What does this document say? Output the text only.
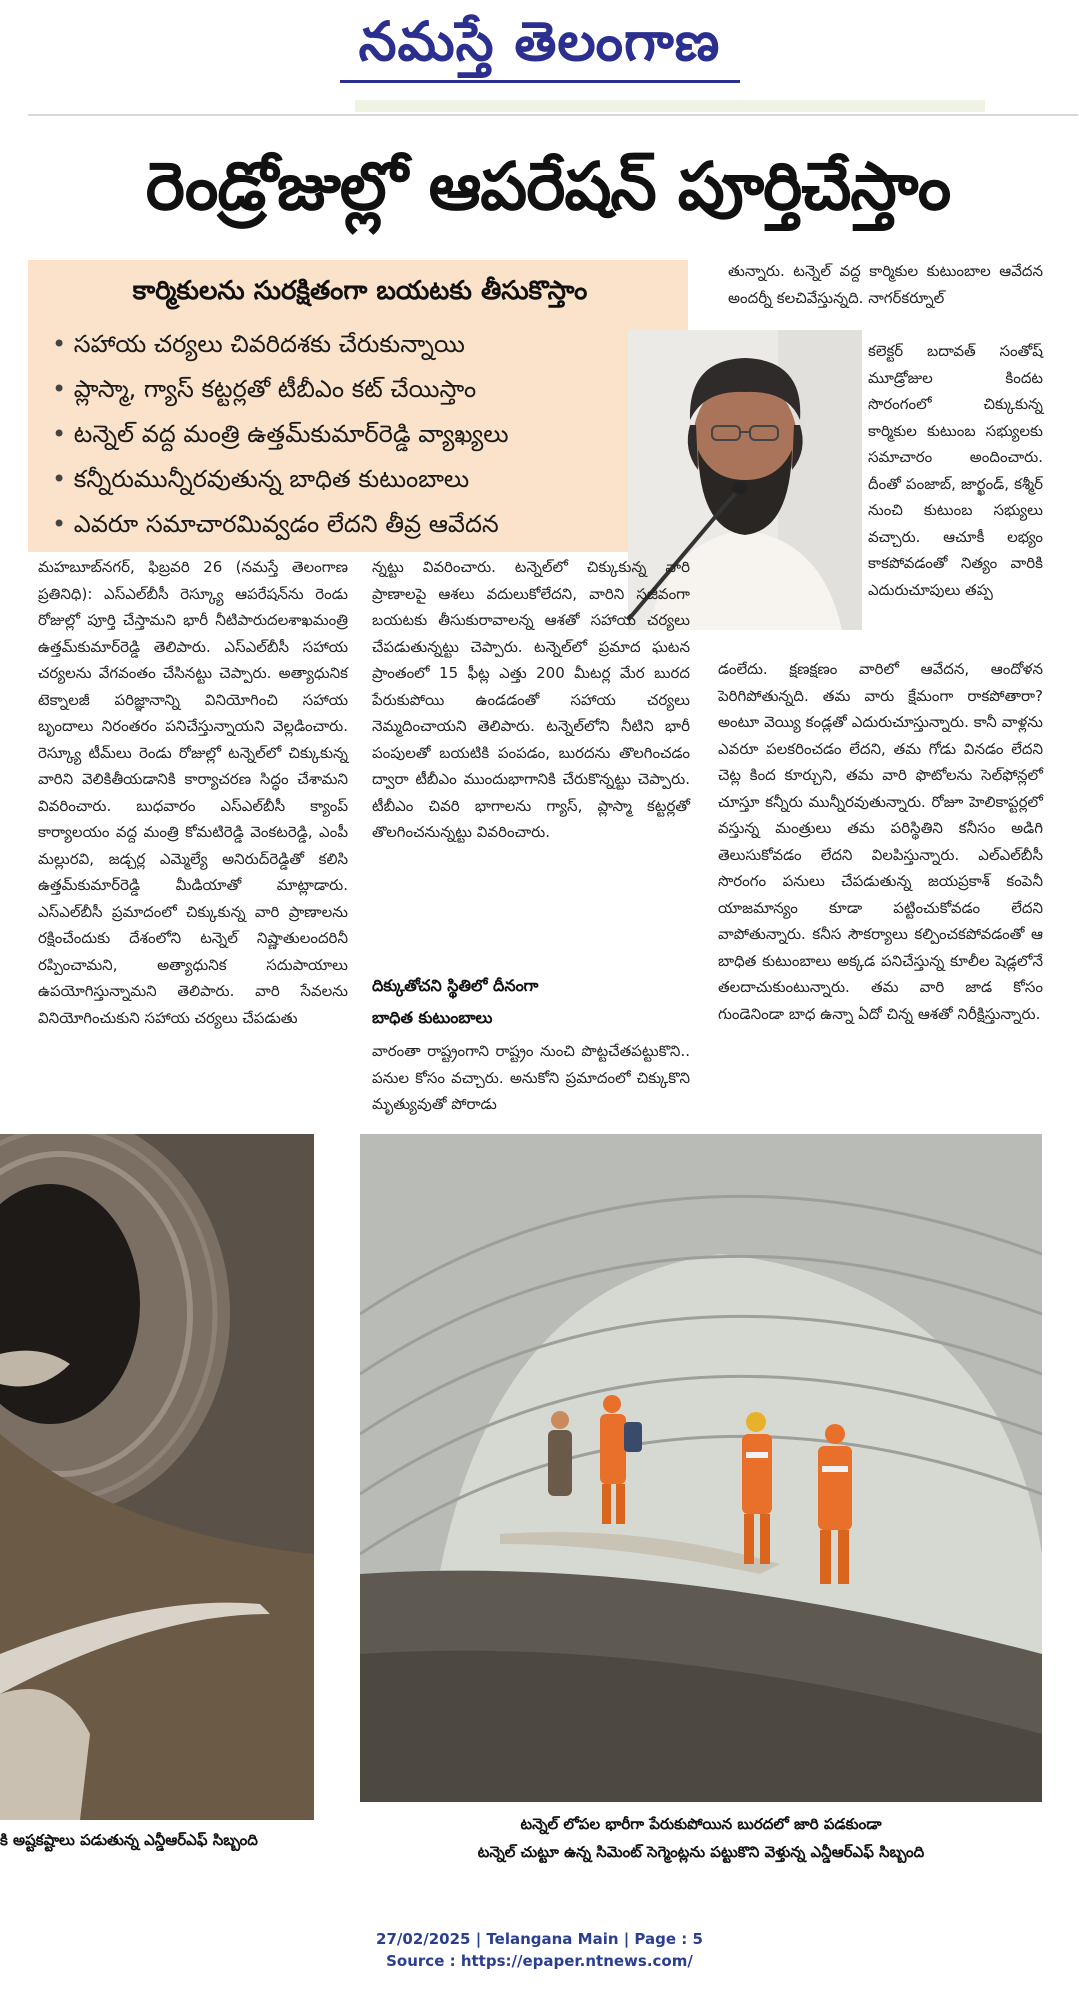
నమస్తే తెలంగాణ
రెండ్రోజుల్లో ఆపరేషన్ పూర్తిచేస్తాం
కార్మికులను సురక్షితంగా బయటకు తీసుకొస్తాం
• సహాయ చర్యలు చివరిదశకు చేరుకున్నాయి
• ప్లాస్మా, గ్యాస్ కట్టర్లతో టీబీఎం కట్ చేయిస్తాం
• టన్నెల్ వద్ద మంత్రి ఉత్తమ్‌కుమార్‌రెడ్డి వ్యాఖ్యలు
• కన్నీరుమున్నీరవుతున్న బాధిత కుటుంబాలు
• ఎవరూ సమాచారమివ్వడం లేదని తీవ్ర ఆవేదన
మహబూబ్‌నగర్, ఫిబ్రవరి 26 (నమస్తే తెలంగాణ ప్రతినిధి): ఎస్‌ఎల్‌బీసీ రెస్క్యూ ఆపరేషన్‌ను రెండు రోజుల్లో పూర్తి చేస్తామని భారీ నీటిపారుదలశాఖమంత్రి ఉత్తమ్‌కుమార్‌రెడ్డి తెలిపారు. ఎస్‌ఎల్‌బీసీ సహాయ చర్యలను వేగవంతం చేసినట్టు చెప్పారు. అత్యాధునిక టెక్నాలజీ పరిజ్ఞానాన్ని వినియోగించి సహాయ బృందాలు నిరంతరం పనిచేస్తున్నాయని వెల్లడించారు. రెస్క్యూ టీమ్‌లు రెండు రోజుల్లో టన్నెల్‌లో చిక్కుకున్న వారిని వెలికితీయడానికి కార్యాచరణ సిద్ధం చేశామని వివరించారు. బుధవారం ఎస్‌ఎల్‌బీసీ క్యాంప్ కార్యాలయం వద్ద మంత్రి కోమటిరెడ్డి వెంకటరెడ్డి, ఎంపీ మల్లురవి, జడ్చర్ల ఎమ్మెల్యే అనిరుద్‌రెడ్డితో కలిసి ఉత్తమ్‌కుమార్‌రెడ్డి మీడియాతో మాట్లాడారు. ఎస్‌ఎల్‌బీసీ ప్రమాదంలో చిక్కుకున్న వారి ప్రాణాలను రక్షించేందుకు దేశంలోని టన్నెల్ నిష్ణాతులందరినీ రప్పించామని, అత్యాధునిక సదుపాయాలు ఉపయోగిస్తున్నామని తెలిపారు. వారి సేవలను వినియోగించుకుని సహాయ చర్యలు చేపడుతు
న్నట్టు వివరించారు. టన్నెల్‌లో చిక్కుకున్న వారి ప్రాణాలపై ఆశలు వదులుకోలేదని, వారిని సజీవంగా బయటకు తీసుకురావాలన్న ఆశతో సహాయ చర్యలు చేపడుతున్నట్టు చెప్పారు. టన్నెల్‌లో ప్రమాద ఘటన ప్రాంతంలో 15 ఫీట్ల ఎత్తు 200 మీటర్ల మేర బురద పేరుకుపోయి ఉండడంతో సహాయ చర్యలు నెమ్మదించాయని తెలిపారు. టన్నెల్‌లోని నీటిని భారీ పంపులతో బయటికి పంపడం, బురదను తొలగించడం ద్వారా టీబీఎం ముందుభాగానికి చేరుకొన్నట్టు చెప్పారు. టీబీఎం చివరి భాగాలను గ్యాస్, ప్లాస్మా కట్టర్లతో తొలగించనున్నట్టు వివరించారు.
దిక్కుతోచని స్థితిలో దీనంగా
బాధిత కుటుంబాలు
వారంతా రాష్ట్రంగాని రాష్ట్రం నుంచి పొట్టచేతపట్టుకొని.. పనుల కోసం వచ్చారు. అనుకోని ప్రమాదంలో చిక్కుకొని మృత్యువుతో పోరాడు
తున్నారు. టన్నెల్ వద్ద కార్మికుల కుటుంబాల ఆవేదన అందర్నీ కలచివేస్తున్నది. నాగర్‌కర్నూల్
కలెక్టర్ బదావత్ సంతోష్ మూడ్రోజుల కిందట సొరంగంలో చిక్కుకున్న కార్మికుల కుటుంబ సభ్యులకు సమాచారం అందించారు. దీంతో పంజాబ్, జార్ఖండ్, కశ్మీర్ నుంచి కుటుంబ సభ్యులు వచ్చారు. ఆచూకీ లభ్యం కాకపోవడంతో నిత్యం వారికి ఎదురుచూపులు తప్ప
డంలేదు. క్షణక్షణం వారిలో ఆవేదన, ఆందోళన పెరిగిపోతున్నది. తమ వారు క్షేమంగా రాకపోతారా? అంటూ వెయ్యి కండ్లతో ఎదురుచూస్తున్నారు. కానీ వాళ్లను ఎవరూ పలకరించడం లేదని, తమ గోడు వినడం లేదని చెట్ల కింద కూర్చుని, తమ వారి ఫొటోలను సెల్‌ఫోన్లలో చూస్తూ కన్నీరు మున్నీరవుతున్నారు. రోజూ హెలికాప్టర్లలో వస్తున్న మంత్రులు తమ పరిస్థితిని కనీసం అడిగి తెలుసుకోవడం లేదని విలపిస్తున్నారు. ఎల్‌ఎల్‌బీసీ సొరంగం పనులు చేపడుతున్న జయప్రకాశ్ కంపెనీ యాజమాన్యం కూడా పట్టించుకోవడం లేదని వాపోతున్నారు. కనీస సౌకర్యాలు కల్పించకపోవడంతో ఆ బాధిత కుటుంబాలు అక్కడ పనిచేస్తున్న కూలీల షెడ్లలోనే తలదాచుకుంటున్నారు. తమ వారి జాడ కోసం గుండెనిండా బాధ ఉన్నా ఏదో చిన్న ఆశతో నిరీక్షిస్తున్నారు.
కి అష్టకష్టాలు పడుతున్న ఎన్డీఆర్ఎఫ్ సిబ్బంది
టన్నెల్ లోపల భారీగా పేరుకుపోయిన బురదలో జారి పడకుండా
టన్నెల్ చుట్టూ ఉన్న సిమెంట్ సెగ్మెంట్లను పట్టుకొని వెళ్తున్న ఎన్డీఆర్ఎఫ్ సిబ్బంది
27/02/2025 | Telangana Main | Page : 5
Source : https://epaper.ntnews.com/
